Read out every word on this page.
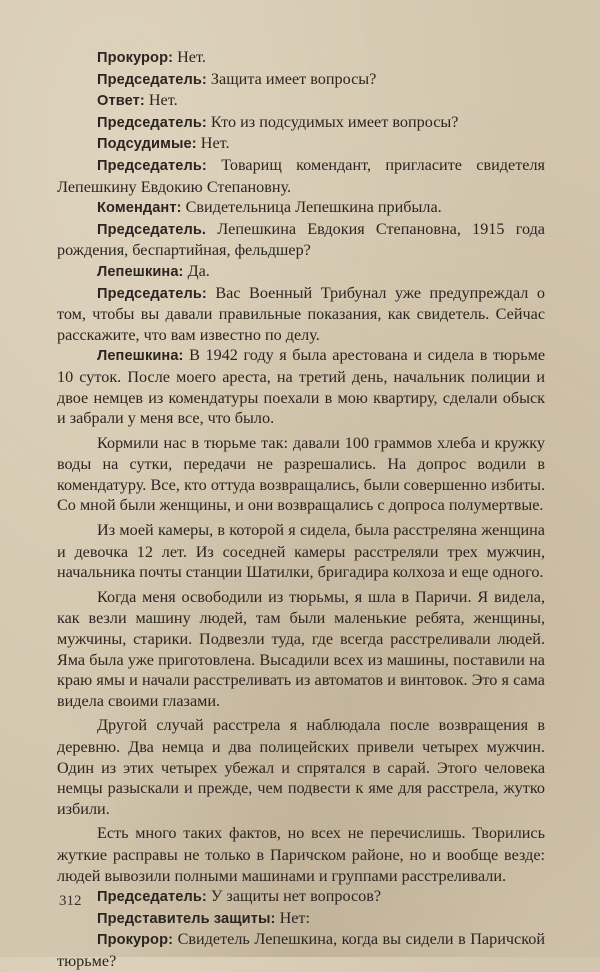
Прокурор: Нет.

Председатель: Защита имеет вопросы?

Ответ: Нет.

Председатель: Кто из подсудимых имеет вопросы?

Подсудимые: Нет.

Председатель: Товарищ комендант, пригласите свидетеля Лепешкину Евдокию Степановну.

Комендант: Свидетельница Лепешкина прибыла.

Председатель. Лепешкина Евдокия Степановна, 1915 года рождения, беспартийная, фельдшер?

Лепешкина: Да.

Председатель: Вас Военный Трибунал уже предупреждал о том, чтобы вы давали правильные показания, как свидетель. Сейчас расскажите, что вам известно по делу.

Лепешкина: В 1942 году я была арестована и сидела в тюрьме 10 суток. После моего ареста, на третий день, начальник полиции и двое немцев из комендатуры поехали в мою квартиру, сделали обыск и забрали у меня все, что было.

Кормили нас в тюрьме так: давали 100 граммов хлеба и кружку воды на сутки, передачи не разрешались. На допрос водили в комендатуру. Все, кто оттуда возвращались, были совершенно избиты. Со мной были женщины, и они возвращались с допроса полумертвые.

Из моей камеры, в которой я сидела, была расстреляна женщина и девочка 12 лет. Из соседней камеры расстреляли трех мужчин, начальника почты станции Шатилки, бригадира колхоза и еще одного.

Когда меня освободили из тюрьмы, я шла в Паричи. Я видела, как везли машину людей, там были маленькие ребята, женщины, мужчины, старики. Подвезли туда, где всегда расстреливали людей. Яма была уже приготовлена. Высадили всех из машины, поставили на краю ямы и начали расстреливать из автоматов и винтовок. Это я сама видела своими глазами.

Другой случай расстрела я наблюдала после возвращения в деревню. Два немца и два полицейских привели четырех мужчин. Один из этих четырех убежал и спрятался в сарай. Этого человека немцы разыскали и прежде, чем подвести к яме для расстрела, жутко избили.

Есть много таких фактов, но всех не перечислишь. Творились жуткие расправы не только в Паричском районе, но и вообще везде: людей вывозили полными машинами и группами расстреливали.

Председатель: У защиты нет вопросов?

Представитель защиты: Нет:

Прокурор: Свидетель Лепешкина, когда вы сидели в Паричской тюрьме?

312
